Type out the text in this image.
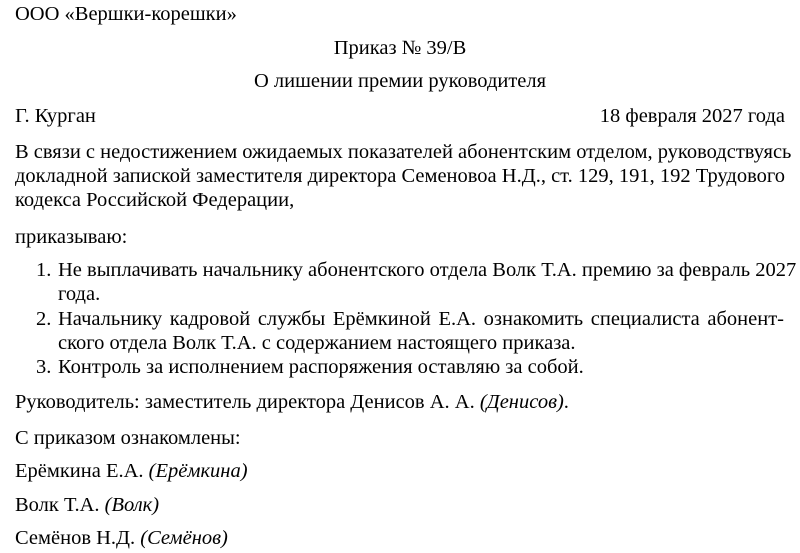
ООО «Вершки-корешки»
Приказ № 39/В
О лишении премии руководителя
Г. Курган	18 февраля 2027 года
В связи с недостижением ожидаемых показателей абонентским отделом, руководствуясь
докладной запиской заместителя директора Семеновоа Н.Д., ст. 129, 191, 192 Трудового
кодекса Российской Федерации,
приказываю:
1. Не выплачивать начальнику абонентского отдела Волк Т.А. премию за февраль 2027
года.
2. Начальнику кадровой службы Ерёмкиной Е.А. ознакомить специалиста абонент-
ского отдела Волк Т.А. с содержанием настоящего приказа.
3. Контроль за исполнением распоряжения оставляю за собой.
Руководитель: заместитель директора Денисов А. А. (Денисов).
С приказом ознакомлены:
Ерёмкина Е.А. (Ерёмкина)
Волк Т.А. (Волк)
Семёнов Н.Д. (Семёнов)
